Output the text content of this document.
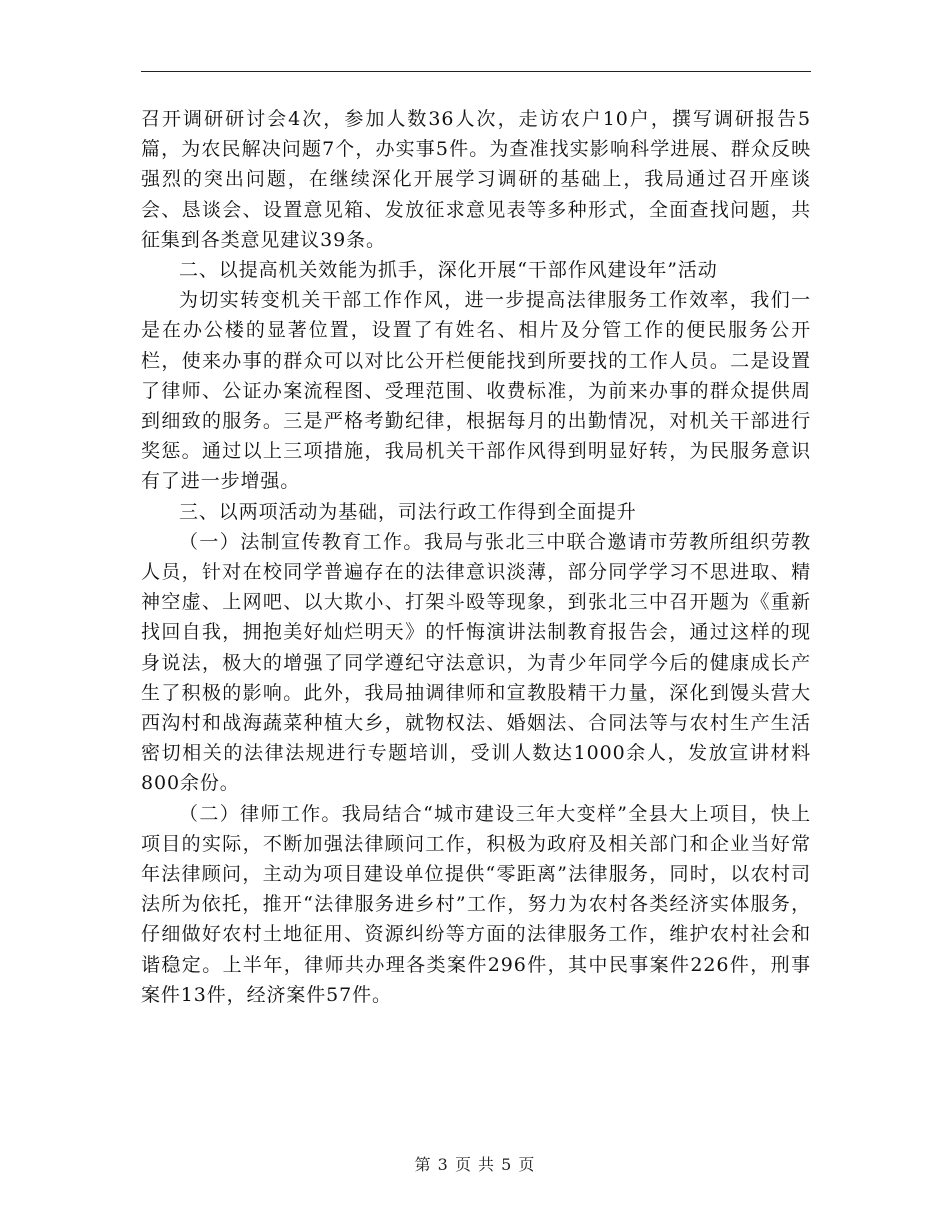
召开调研研讨会4次，参加人数36人次，走访农户10户，撰写调研报告5篇，为农民解决问题7个，办实事5件。为查准找实影响科学进展、群众反映强烈的突出问题，在继续深化开展学习调研的基础上，我局通过召开座谈会、恳谈会、设置意见箱、发放征求意见表等多种形式，全面查找问题，共征集到各类意见建议39条。

二、以提高机关效能为抓手，深化开展“干部作风建设年”活动

为切实转变机关干部工作作风，进一步提高法律服务工作效率，我们一是在办公楼的显著位置，设置了有姓名、相片及分管工作的便民服务公开栏，使来办事的群众可以对比公开栏便能找到所要找的工作人员。二是设置了律师、公证办案流程图、受理范围、收费标准，为前来办事的群众提供周到细致的服务。三是严格考勤纪律，根据每月的出勤情况，对机关干部进行奖惩。通过以上三项措施，我局机关干部作风得到明显好转，为民服务意识有了进一步增强。

三、以两项活动为基础，司法行政工作得到全面提升

（一）法制宣传教育工作。我局与张北三中联合邀请市劳教所组织劳教人员，针对在校同学普遍存在的法律意识淡薄，部分同学学习不思进取、精神空虚、上网吧、以大欺小、打架斗殴等现象，到张北三中召开题为《重新找回自我，拥抱美好灿烂明天》的忏悔演讲法制教育报告会，通过这样的现身说法，极大的增强了同学遵纪守法意识，为青少年同学今后的健康成长产生了积极的影响。此外，我局抽调律师和宣教股精干力量，深化到馒头营大西沟村和战海蔬菜种植大乡，就物权法、婚姻法、合同法等与农村生产生活密切相关的法律法规进行专题培训，受训人数达1000余人，发放宣讲材料800余份。

（二）律师工作。我局结合“城市建设三年大变样”全县大上项目，快上项目的实际，不断加强法律顾问工作，积极为政府及相关部门和企业当好常年法律顾问，主动为项目建设单位提供“零距离”法律服务，同时，以农村司法所为依托，推开“法律服务进乡村”工作，努力为农村各类经济实体服务，仔细做好农村土地征用、资源纠纷等方面的法律服务工作，维护农村社会和谐稳定。上半年，律师共办理各类案件296件，其中民事案件226件，刑事案件13件，经济案件57件。

第 3 页 共 5 页
